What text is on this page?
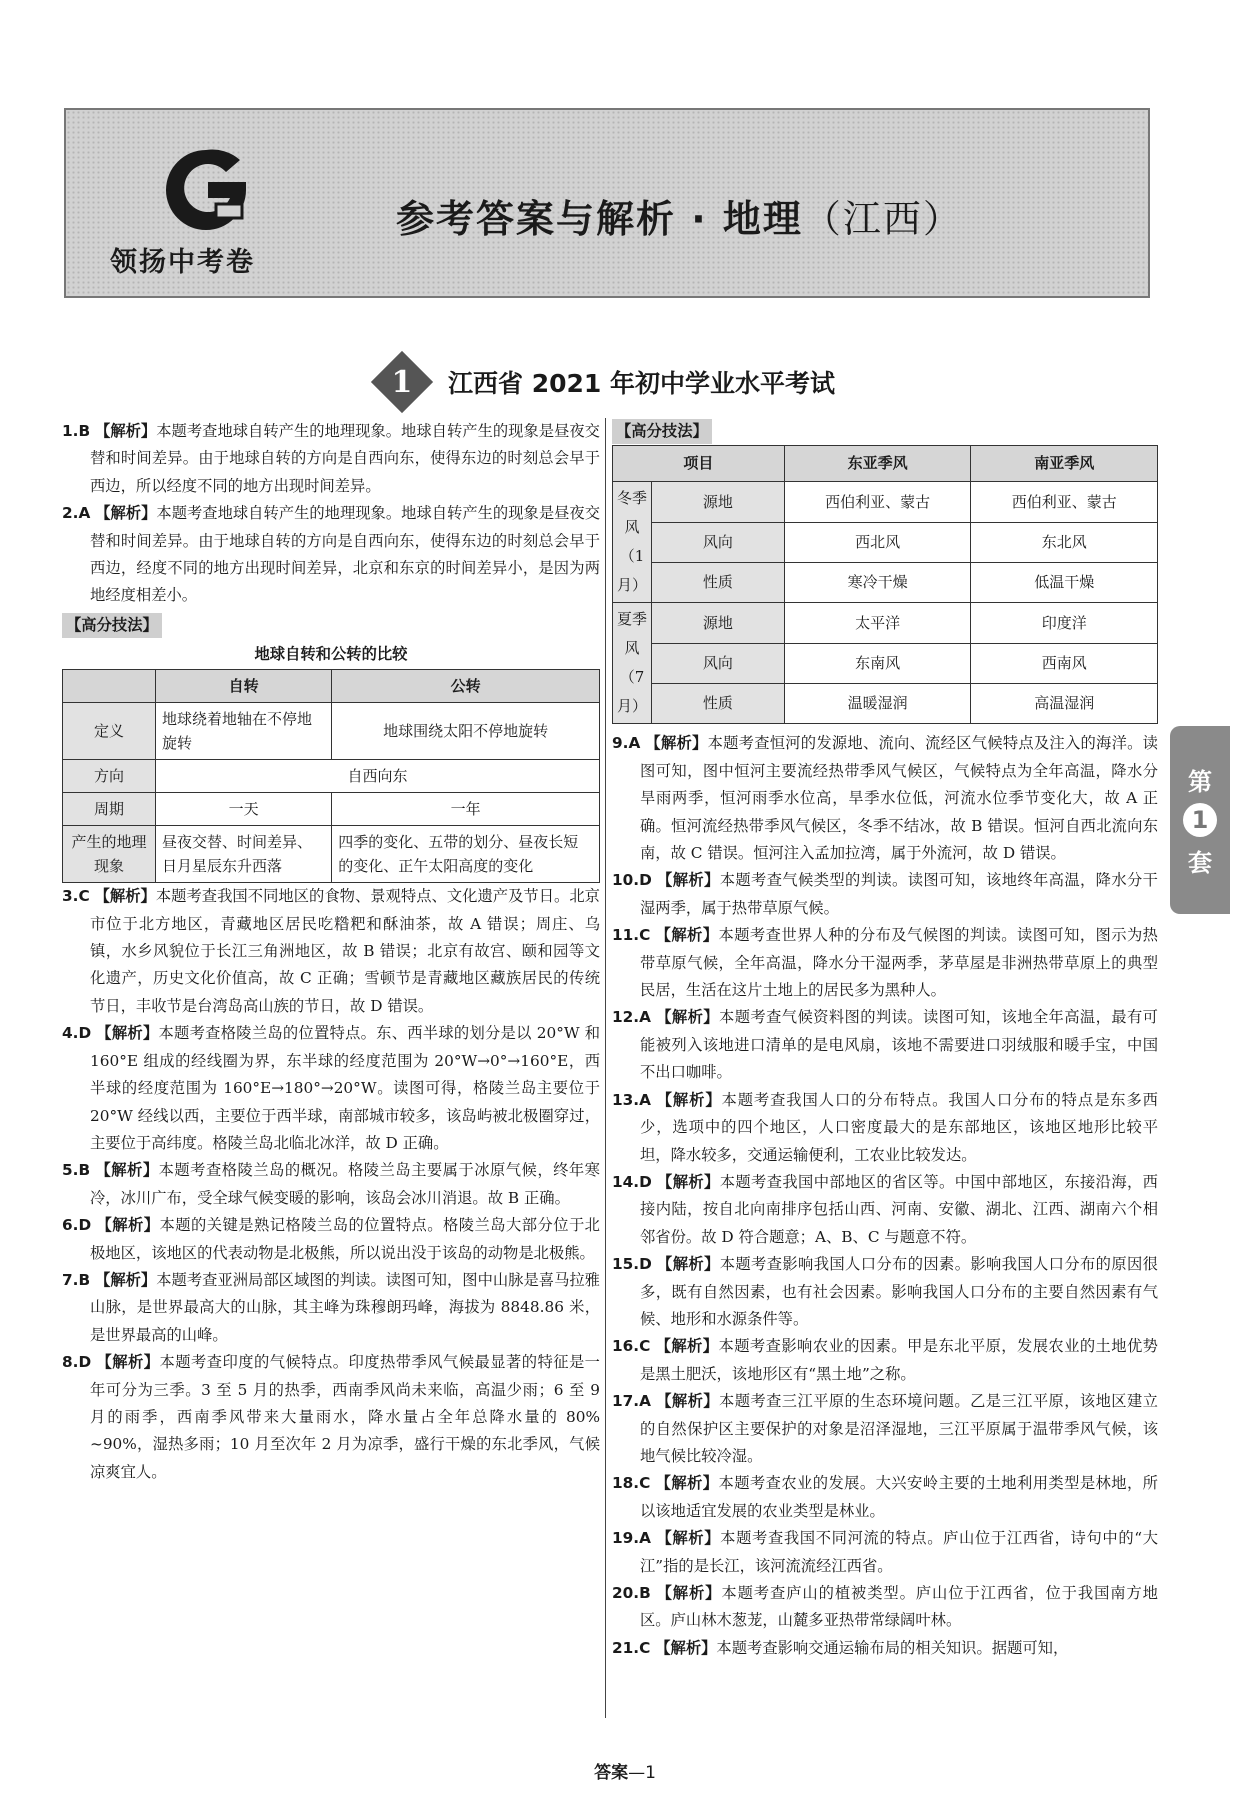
领扬中考卷
参考答案与解析 · 地理（江西）
1 江西省 2021 年初中学业水平考试

1.B 【解析】本题考查地球自转产生的地理现象。地球自转产生的现象是昼夜交替和时间差异。由于地球自转的方向是自西向东，使得东边的时刻总会早于西边，所以经度不同的地方出现时间差异。

2.A 【解析】本题考查地球自转产生的地理现象。地球自转产生的现象是昼夜交替和时间差异。由于地球自转的方向是自西向东，使得东边的时刻总会早于西边，经度不同的地方出现时间差异，北京和东京的时间差异小，是因为两地经度相差小。

【高分技法】
地球自转和公转的比较
	自转	公转
定义	地球绕着地轴在不停地旋转	地球围绕太阳不停地旋转
方向	自西向东	
周期	一天	一年
产生的地理现象	昼夜交替、时间差异、日月星辰东升西落	四季的变化、五带的划分、昼夜长短的变化、正午太阳高度的变化

3.C 【解析】本题考查我国不同地区的食物、景观特点、文化遗产及节日。北京市位于北方地区，青藏地区居民吃糌粑和酥油茶，故 A 错误；周庄、乌镇，水乡风貌位于长江三角洲地区，故 B 错误；北京有故宫、颐和园等文化遗产，历史文化价值高，故 C 正确；雪顿节是青藏地区藏族居民的传统节日，丰收节是台湾岛高山族的节日，故 D 错误。

4.D 【解析】本题考查格陵兰岛的位置特点。东、西半球的划分是以 20°W 和 160°E 组成的经线圈为界，东半球的经度范围为 20°W→0°→160°E，西半球的经度范围为 160°E→180°→20°W。读图可得，格陵兰岛主要位于 20°W 经线以西，主要位于西半球，南部城市较多，该岛屿被北极圈穿过，主要位于高纬度。格陵兰岛北临北冰洋，故 D 正确。

5.B 【解析】本题考查格陵兰岛的概况。格陵兰岛主要属于冰原气候，终年寒冷，冰川广布，受全球气候变暖的影响，该岛会冰川消退。故 B 正确。

6.D 【解析】本题的关键是熟记格陵兰岛的位置特点。格陵兰岛大部分位于北极地区，该地区的代表动物是北极熊，所以说出没于该岛的动物是北极熊。

7.B 【解析】本题考查亚洲局部区域图的判读。读图可知，图中山脉是喜马拉雅山脉，是世界最高大的山脉，其主峰为珠穆朗玛峰，海拔为 8848.86 米，是世界最高的山峰。

8.D 【解析】本题考查印度的气候特点。印度热带季风气候最显著的特征是一年可分为三季。3 至 5 月的热季，西南季风尚未来临，高温少雨；6 至 9 月的雨季，西南季风带来大量雨水，降水量占全年总降水量的 80% ~90%，湿热多雨；10 月至次年 2 月为凉季，盛行干燥的东北季风，气候凉爽宜人。

【高分技法】
项目		东亚季风	南亚季风
冬季风（1月）	源地	西伯利亚、蒙古	西伯利亚、蒙古
	风向	西北风	东北风
	性质	寒冷干燥	低温干燥
夏季风（7月）	源地	太平洋	印度洋
	风向	东南风	西南风
	性质	温暖湿润	高温湿润

9.A 【解析】本题考查恒河的发源地、流向、流经区气候特点及注入的海洋。读图可知，图中恒河主要流经热带季风气候区，气候特点为全年高温，降水分旱雨两季，恒河雨季水位高，旱季水位低，河流水位季节变化大，故 A 正确。恒河流经热带季风气候区，冬季不结冰，故 B 错误。恒河自西北流向东南，故 C 错误。恒河注入孟加拉湾，属于外流河，故 D 错误。

10.D 【解析】本题考查气候类型的判读。读图可知，该地终年高温，降水分干湿两季，属于热带草原气候。

11.C 【解析】本题考查世界人种的分布及气候图的判读。读图可知，图示为热带草原气候，全年高温，降水分干湿两季，茅草屋是非洲热带草原上的典型民居，生活在这片土地上的居民多为黑种人。

12.A 【解析】本题考查气候资料图的判读。读图可知，该地全年高温，最有可能被列入该地进口清单的是电风扇，该地不需要进口羽绒服和暖手宝，中国不出口咖啡。

13.A 【解析】本题考查我国人口的分布特点。我国人口分布的特点是东多西少，选项中的四个地区，人口密度最大的是东部地区，该地区地形比较平坦，降水较多，交通运输便利，工农业比较发达。

14.D 【解析】本题考查我国中部地区的省区等。中国中部地区，东接沿海，西接内陆，按自北向南排序包括山西、河南、安徽、湖北、江西、湖南六个相邻省份。故 D 符合题意；A、B、C 与题意不符。

15.D 【解析】本题考查影响我国人口分布的因素。影响我国人口分布的原因很多，既有自然因素，也有社会因素。影响我国人口分布的主要自然因素有气候、地形和水源条件等。

16.C 【解析】本题考查影响农业的因素。甲是东北平原，发展农业的土地优势是黑土肥沃，该地形区有“黑土地”之称。

17.A 【解析】本题考查三江平原的生态环境问题。乙是三江平原，该地区建立的自然保护区主要保护的对象是沼泽湿地，三江平原属于温带季风气候，该地气候比较冷湿。

18.C 【解析】本题考查农业的发展。大兴安岭主要的土地利用类型是林地，所以该地适宜发展的农业类型是林业。

19.A 【解析】本题考查我国不同河流的特点。庐山位于江西省，诗句中的“大江”指的是长江，该河流流经江西省。

20.B 【解析】本题考查庐山的植被类型。庐山位于江西省，位于我国南方地区。庐山林木葱茏，山麓多亚热带常绿阔叶林。

21.C 【解析】本题考查影响交通运输布局的相关知识。据题可知，

第
1
套
答案—1
